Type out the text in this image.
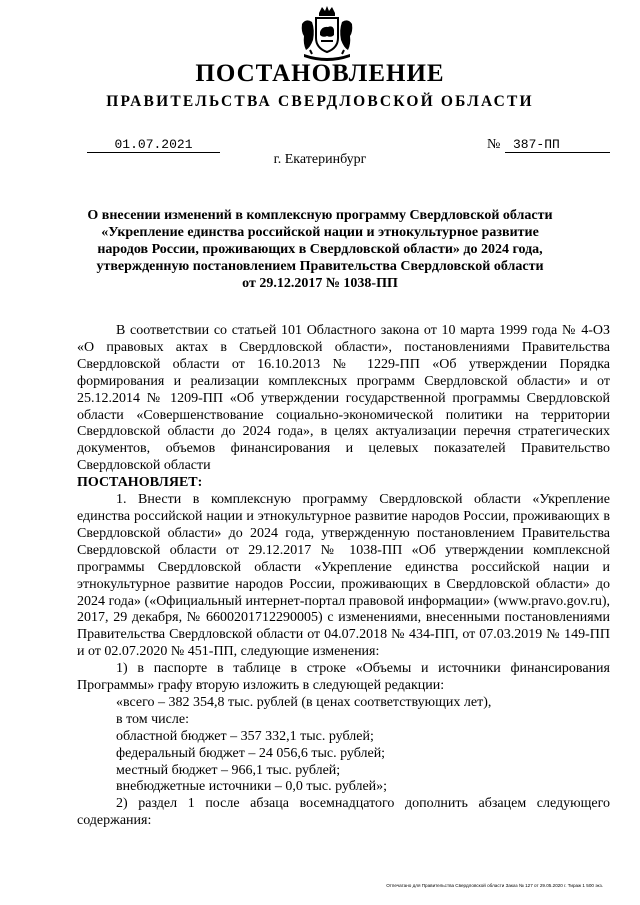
ПОСТАНОВЛЕНИЕ
ПРАВИТЕЛЬСТВА СВЕРДЛОВСКОЙ ОБЛАСТИ
01.07.2021	№ 387-ПП
г. Екатеринбург
О внесении изменений в комплексную программу Свердловской области
«Укрепление единства российской нации и этнокультурное развитие
народов России, проживающих в Свердловской области» до 2024 года,
утвержденную постановлением Правительства Свердловской области
от 29.12.2017 № 1038-ПП
В соответствии со статьей 101 Областного закона от 10 марта 1999 года № 4-ОЗ «О правовых актах в Свердловской области», постановлениями Правительства Свердловской области от 16.10.2013 № 1229-ПП «Об утверждении Порядка формирования и реализации комплексных программ Свердловской области» и от 25.12.2014 № 1209-ПП «Об утверждении государственной программы Свердловской области «Совершенствование социально-экономической политики на территории Свердловской области до 2024 года», в целях актуализации перечня стратегических документов, объемов финансирования и целевых показателей Правительство Свердловской области
ПОСТАНОВЛЯЕТ:
1. Внести в комплексную программу Свердловской области «Укрепление единства российской нации и этнокультурное развитие народов России, проживающих в Свердловской области» до 2024 года, утвержденную постановлением Правительства Свердловской области от 29.12.2017 № 1038-ПП «Об утверждении комплексной программы Свердловской области «Укрепление единства российской нации и этнокультурное развитие народов России, проживающих в Свердловской области» до 2024 года» («Официальный интернет-портал правовой информации» (www.pravo.gov.ru), 2017, 29 декабря, № 6600201712290005) с изменениями, внесенными постановлениями Правительства Свердловской области от 04.07.2018 № 434-ПП, от 07.03.2019 № 149-ПП и от 02.07.2020 № 451-ПП, следующие изменения:
1) в паспорте в таблице в строке «Объемы и источники финансирования Программы» графу вторую изложить в следующей редакции:
«всего – 382 354,8 тыс. рублей (в ценах соответствующих лет),
в том числе:
областной бюджет – 357 332,1 тыс. рублей;
федеральный бюджет – 24 056,6 тыс. рублей;
местный бюджет – 966,1 тыс. рублей;
внебюджетные источники – 0,0 тыс. рублей»;
2) раздел 1 после абзаца восемнадцатого дополнить абзацем следующего содержания:
Отпечатано для Правительства Свердловской области Заказ № 127 от 29.05.2020 г. Тираж 1 500 экз.
